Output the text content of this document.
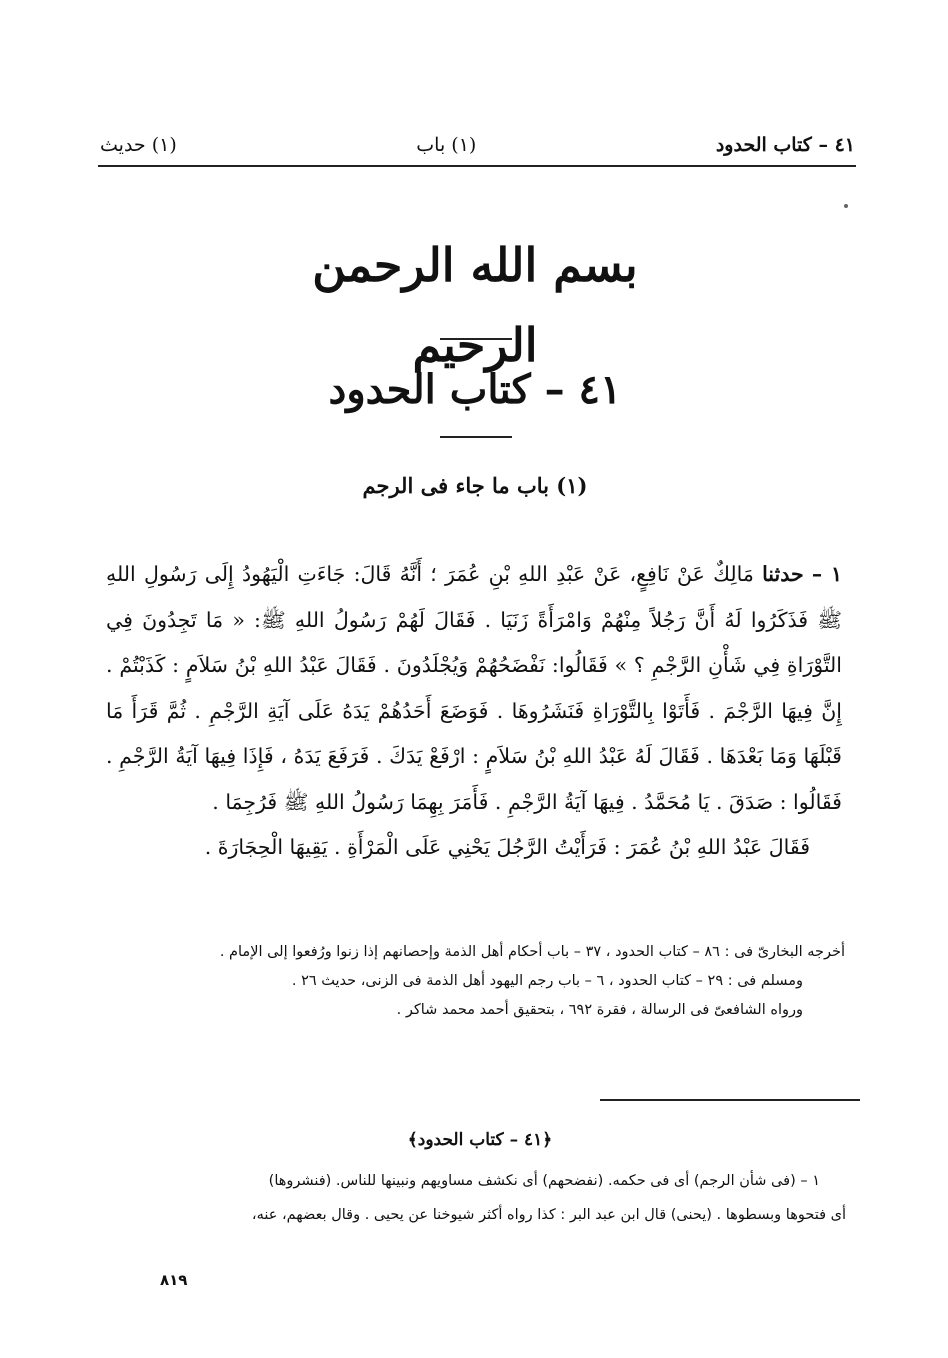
٤١ – كتاب الحدود
(١) باب
(١) حديث
بسم الله الرحمن الرحيم
٤١ – كتاب الحدود
(١) باب ما جاء فى الرجم
١ – حدثنا مَالِكٌ عَنْ نَافِعٍ، عَنْ عَبْدِ اللهِ بْنِ عُمَرَ ؛ أَنَّهُ قَالَ: جَاءَتِ الْيَهُودُ إِلَى رَسُولِ اللهِ ﷺ فَذَكَرُوا لَهُ أَنَّ رَجُلاً مِنْهُمْ وَامْرَأَةً زَنَيَا . فَقَالَ لَهُمْ رَسُولُ اللهِ ﷺ: « مَا تَجِدُونَ فِي التَّوْرَاةِ فِي شَأْنِ الرَّجْمِ ؟ » فَقَالُوا: نَفْضَحُهُمْ وَيُجْلَدُونَ . فَقَالَ عَبْدُ اللهِ بْنُ سَلاَمٍ : كَذَبْتُمْ . إِنَّ فِيهَا الرَّجْمَ . فَأَتَوْا بِالتَّوْرَاةِ فَنَشَرُوهَا . فَوَضَعَ أَحَدُهُمْ يَدَهُ عَلَى آيَةِ الرَّجْمِ . ثُمَّ قَرَأَ مَا قَبْلَهَا وَمَا بَعْدَهَا . فَقَالَ لَهُ عَبْدُ اللهِ بْنُ سَلاَمٍ : ارْفَعْ يَدَكَ . فَرَفَعَ يَدَهُ ، فَإِذَا فِيهَا آيَةُ الرَّجْمِ . فَقَالُوا : صَدَقَ . يَا مُحَمَّدُ . فِيهَا آيَةُ الرَّجْمِ . فَأَمَرَ بِهِمَا رَسُولُ اللهِ ﷺ فَرُجِمَا .
فَقَالَ عَبْدُ اللهِ بْنُ عُمَرَ : فَرَأَيْتُ الرَّجُلَ يَحْنِي عَلَى الْمَرْأَةِ . يَقِيهَا الْحِجَارَةَ .

أخرجه البخارىّ فى : ٨٦ – كتاب الحدود ، ٣٧ – باب أحكام أهل الذمة وإحصانهم إذا زنوا ورُفعوا إلى الإمام .

ومسلم فى : ٢٩ – كتاب الحدود ، ٦ – باب رجم اليهود أهل الذمة فى الزنى، حديث ٢٦ .

ورواه الشافعىّ فى الرسالة ، فقرة ٦٩٢ ، بتحقيق أحمد محمد شاكر .

﴿٤١ – كتاب الحدود﴾

١ – (فى شأن الرجم) أى فى حكمه. (نفضحهم) أى نكشف مساويهم ونبينها للناس. (فنشروها)

أى فتحوها وبسطوها . (يحنى) قال ابن عبد البر : كذا رواه أكثر شيوخنا عن يحيى . وقال بعضهم، عنه،

٨١٩
